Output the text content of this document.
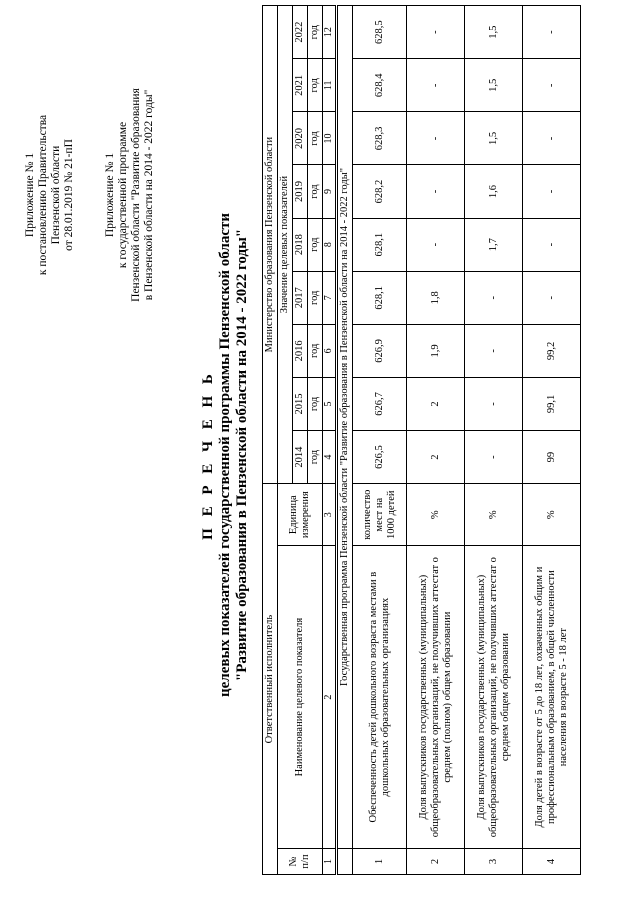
Приложение № 1 к постановлению Правительства Пензенской области от 28.01.2019 № 21-пП	Приложение № 1 к государственной программе Пензенской области "Развитие образования в Пензенской области на 2014 - 2022 годы"
П Е Р Е Ч Е Н Ь целевых показателей государственной программы Пензенской области "Развитие образования в Пензенской области на 2014 - 2022 годы" Ответственный исполнитель			Министерство образования Пензенской области								
№ п/п	Наименование целевого показателя	Единица измерения	Значение целевых показателей								
			2014	2015	2016	2017	2018	2019	2020	2021	2022
			год	год	год	год	год	год	год	год	год
1	2	3	4	5	6	7	8	9	10	11	12
	Государственная программа Пензенской области "Развитие образования в Пензенской области на 2014 - 2022 годы"										
1	Обеспеченность детей дошкольного возраста местами в дошкольных образовательных организациях	количество мест на 1000 детей	626,5	626,7	626,9	628,1	628,1	628,2	628,3	628,4	628,5
2	Доля выпускников государственных (муниципальных) общеобразовательных организаций, не получивших аттестат о среднем (полном) общем образовании	%	2	2	1,9	1,8	-	-	-	-	-
3	Доля выпускников государственных (муниципальных) общеобразовательных организаций, не получивших аттестат о среднем общем образовании	%	-	-	-	-	1,7	1,6	1,5	1,5	1,5
4	Доля детей в возрасте от 5 до 18 лет, охваченных общим и профессиональным образованием, в общей численности населения в возрасте 5 - 18 лет	%	99	99,1	99,2	-	-	-	-	-	-
